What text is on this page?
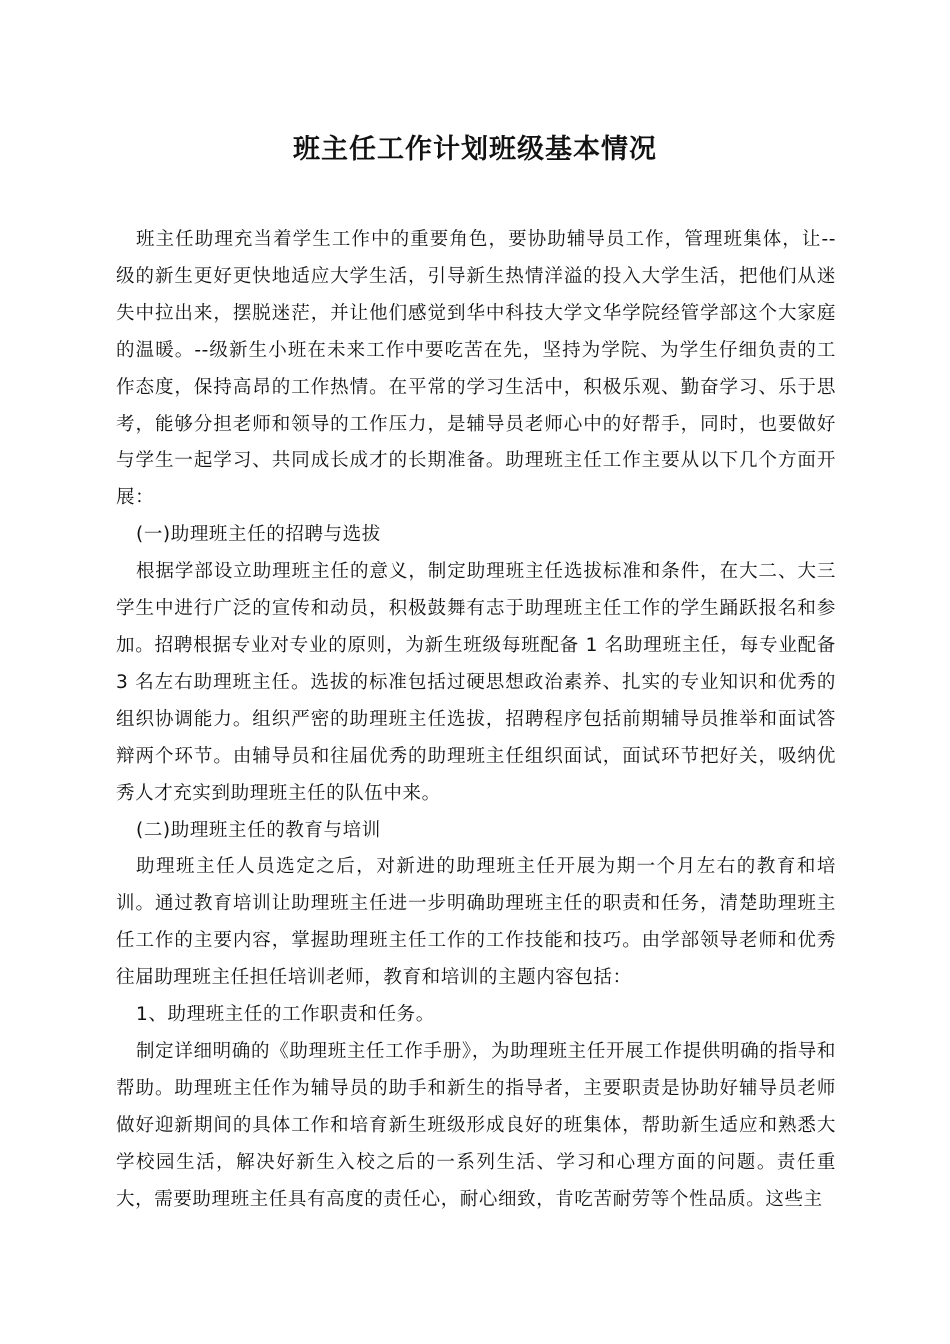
班主任工作计划班级基本情况

班主任助理充当着学生工作中的重要角色，要协助辅导员工作，管理班集体，让--级的新生更好更快地适应大学生活，引导新生热情洋溢的投入大学生活，把他们从迷失中拉出来，摆脱迷茫，并让他们感觉到华中科技大学文华学院经管学部这个大家庭的温暖。--级新生小班在未来工作中要吃苦在先，坚持为学院、为学生仔细负责的工作态度，保持高昂的工作热情。在平常的学习生活中，积极乐观、勤奋学习、乐于思考，能够分担老师和领导的工作压力，是辅导员老师心中的好帮手，同时，也要做好与学生一起学习、共同成长成才的长期准备。助理班主任工作主要从以下几个方面开展：

(一)助理班主任的招聘与选拔

根据学部设立助理班主任的意义，制定助理班主任选拔标准和条件，在大二、大三学生中进行广泛的宣传和动员，积极鼓舞有志于助理班主任工作的学生踊跃报名和参加。招聘根据专业对专业的原则，为新生班级每班配备 1 名助理班主任，每专业配备 3 名左右助理班主任。选拔的标准包括过硬思想政治素养、扎实的专业知识和优秀的组织协调能力。组织严密的助理班主任选拔，招聘程序包括前期辅导员推举和面试答辩两个环节。由辅导员和往届优秀的助理班主任组织面试，面试环节把好关，吸纳优秀人才充实到助理班主任的队伍中来。

(二)助理班主任的教育与培训

助理班主任人员选定之后，对新进的助理班主任开展为期一个月左右的教育和培训。通过教育培训让助理班主任进一步明确助理班主任的职责和任务，清楚助理班主任工作的主要内容，掌握助理班主任工作的工作技能和技巧。由学部领导老师和优秀往届助理班主任担任培训老师，教育和培训的主题内容包括：

1、助理班主任的工作职责和任务。

制定详细明确的《助理班主任工作手册》，为助理班主任开展工作提供明确的指导和帮助。助理班主任作为辅导员的助手和新生的指导者，主要职责是协助好辅导员老师做好迎新期间的具体工作和培育新生班级形成良好的班集体，帮助新生适应和熟悉大学校园生活，解决好新生入校之后的一系列生活、学习和心理方面的问题。责任重大，需要助理班主任具有高度的责任心，耐心细致，肯吃苦耐劳等个性品质。这些主
